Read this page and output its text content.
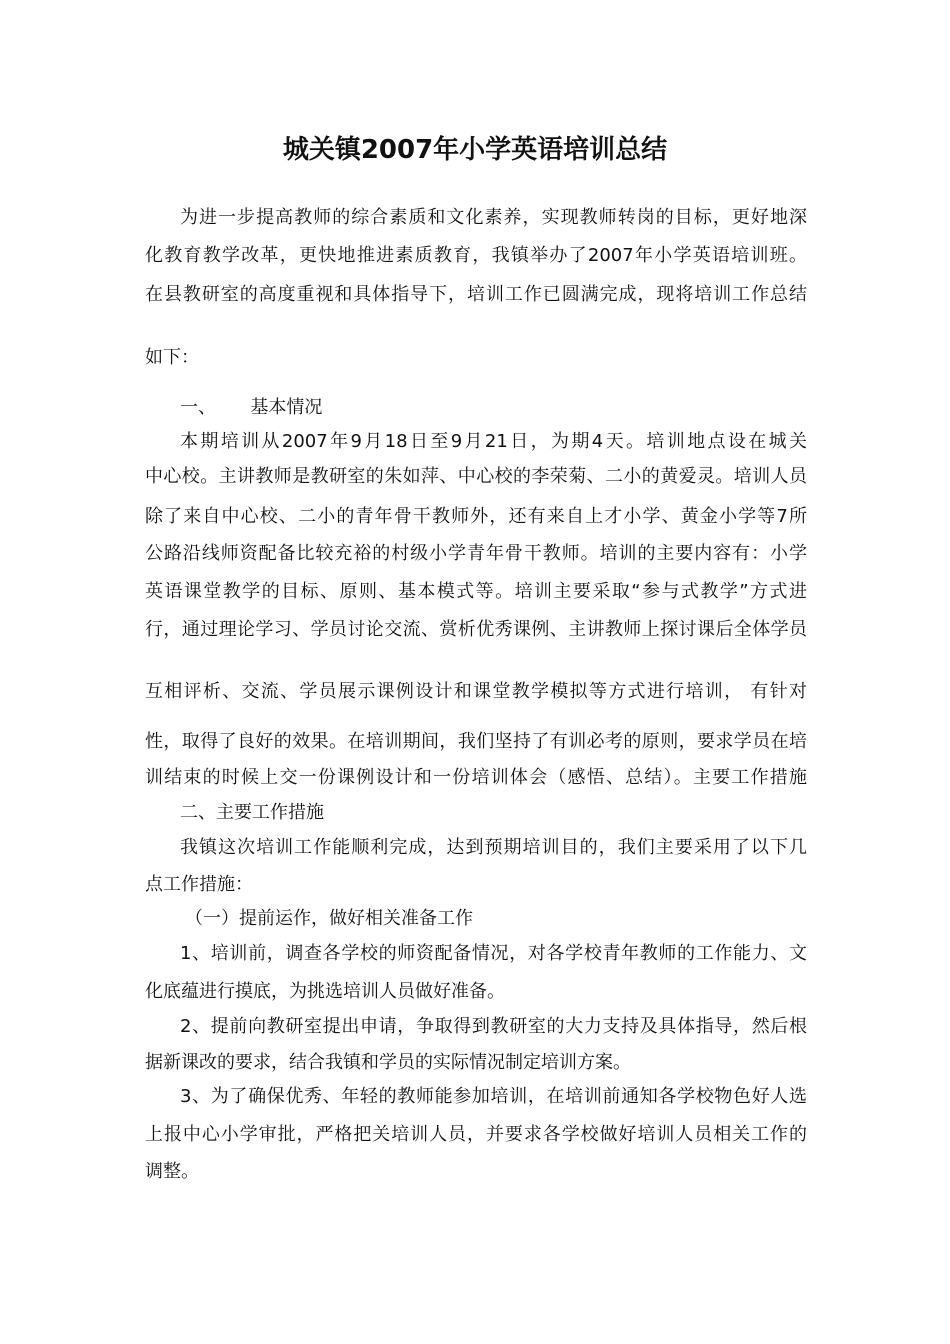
城关镇2007年小学英语培训总结
为进一步提高教师的综合素质和文化素养，实现教师转岗的目标，更好地深
化教育教学改革，更快地推进素质教育，我镇举办了2007年小学英语培训班。
在县教研室的高度重视和具体指导下，培训工作已圆满完成，现将培训工作总结
如下：
一、      基本情况
本期培训从2007年9月18日至9月21日，为期4天。培训地点设在城关
中心校。主讲教师是教研室的朱如萍、中心校的李荣菊、二小的黄爱灵。培训人员
除了来自中心校、二小的青年骨干教师外，还有来自上才小学、黄金小学等7所
公路沿线师资配备比较充裕的村级小学青年骨干教师。培训的主要内容有：小学
英语课堂教学的目标、原则、基本模式等。培训主要采取“参与式教学”方式进
行，通过理论学习、学员讨论交流、赏析优秀课例、主讲教师上探讨课后全体学员
互相评析、交流、学员展示课例设计和课堂教学模拟等方式进行培训， 有针对
性，取得了良好的效果。在培训期间，我们坚持了有训必考的原则，要求学员在培
训结束的时候上交一份课例设计和一份培训体会（感悟、总结）。主要工作措施
二、主要工作措施
我镇这次培训工作能顺利完成，达到预期培训目的，我们主要采用了以下几
点工作措施：
（一）提前运作，做好相关准备工作
1、培训前，调查各学校的师资配备情况，对各学校青年教师的工作能力、文
化底蕴进行摸底，为挑选培训人员做好准备。
2、提前向教研室提出申请，争取得到教研室的大力支持及具体指导，然后根
据新课改的要求，结合我镇和学员的实际情况制定培训方案。
3、为了确保优秀、年轻的教师能参加培训，在培训前通知各学校物色好人选
上报中心小学审批，严格把关培训人员，并要求各学校做好培训人员相关工作的
调整。
